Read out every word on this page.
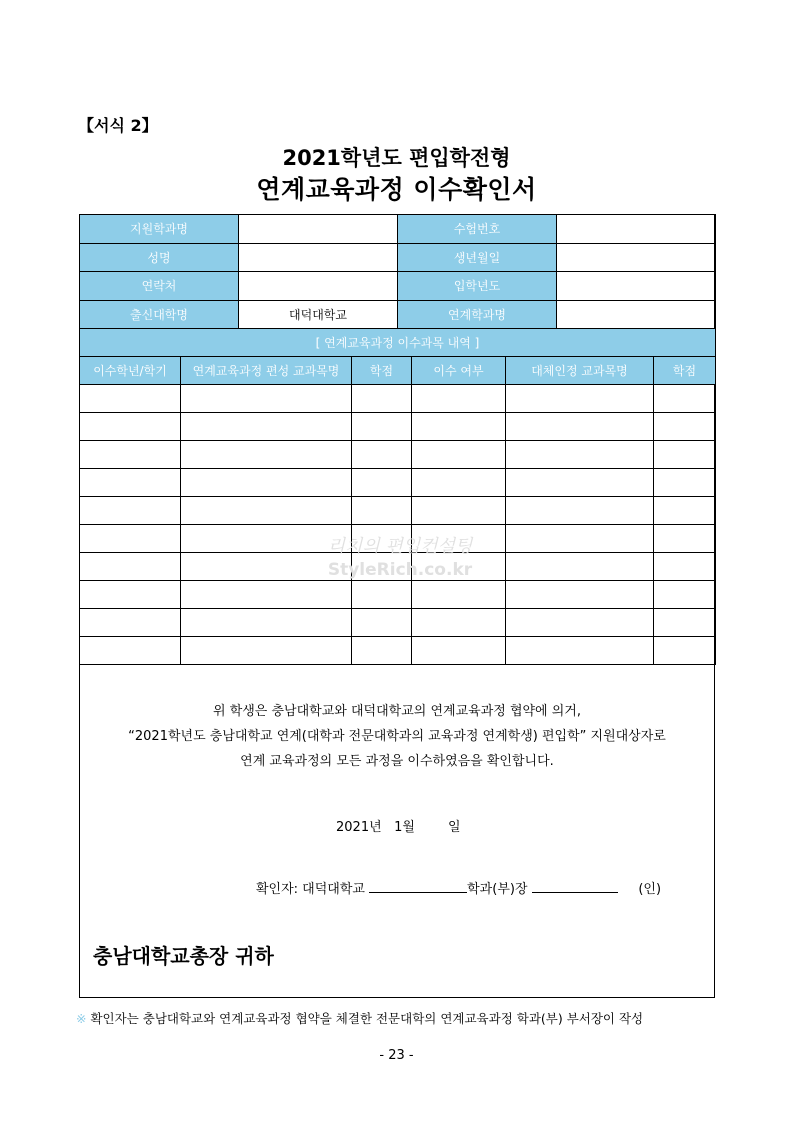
【서식 2】
2021학년도 편입학전형
연계교육과정 이수확인서
지원학과명		수험번호	
성명		생년월일	
연락처		입학년도	
출신대학명	대덕대학교	연계학과명	
[ 연계교육과정 이수과목 내역 ]			
이수학년/학기	연계교육과정 편성 교과목명	학점	이수 여부	대체인정 교과목명	학점

리치의 편입컨설팅
StyleRich.co.kr
위 학생은 충남대학교와 대덕대학교의 연계교육과정 협약에 의거,
“2021학년도 충남대학교 연계(대학과 전문대학과의 교육과정 연계학생) 편입학” 지원대상자로
연계 교육과정의 모든 과정을 이수하였음을 확인합니다.
2021년 1월	일
확인자: 대덕대학교	학과(부)장	(인)
충남대학교총장 귀하
※ 확인자는 충남대학교와 연계교육과정 협약을 체결한 전문대학의 연계교육과정 학과(부) 부서장이 작성
- 23 -
